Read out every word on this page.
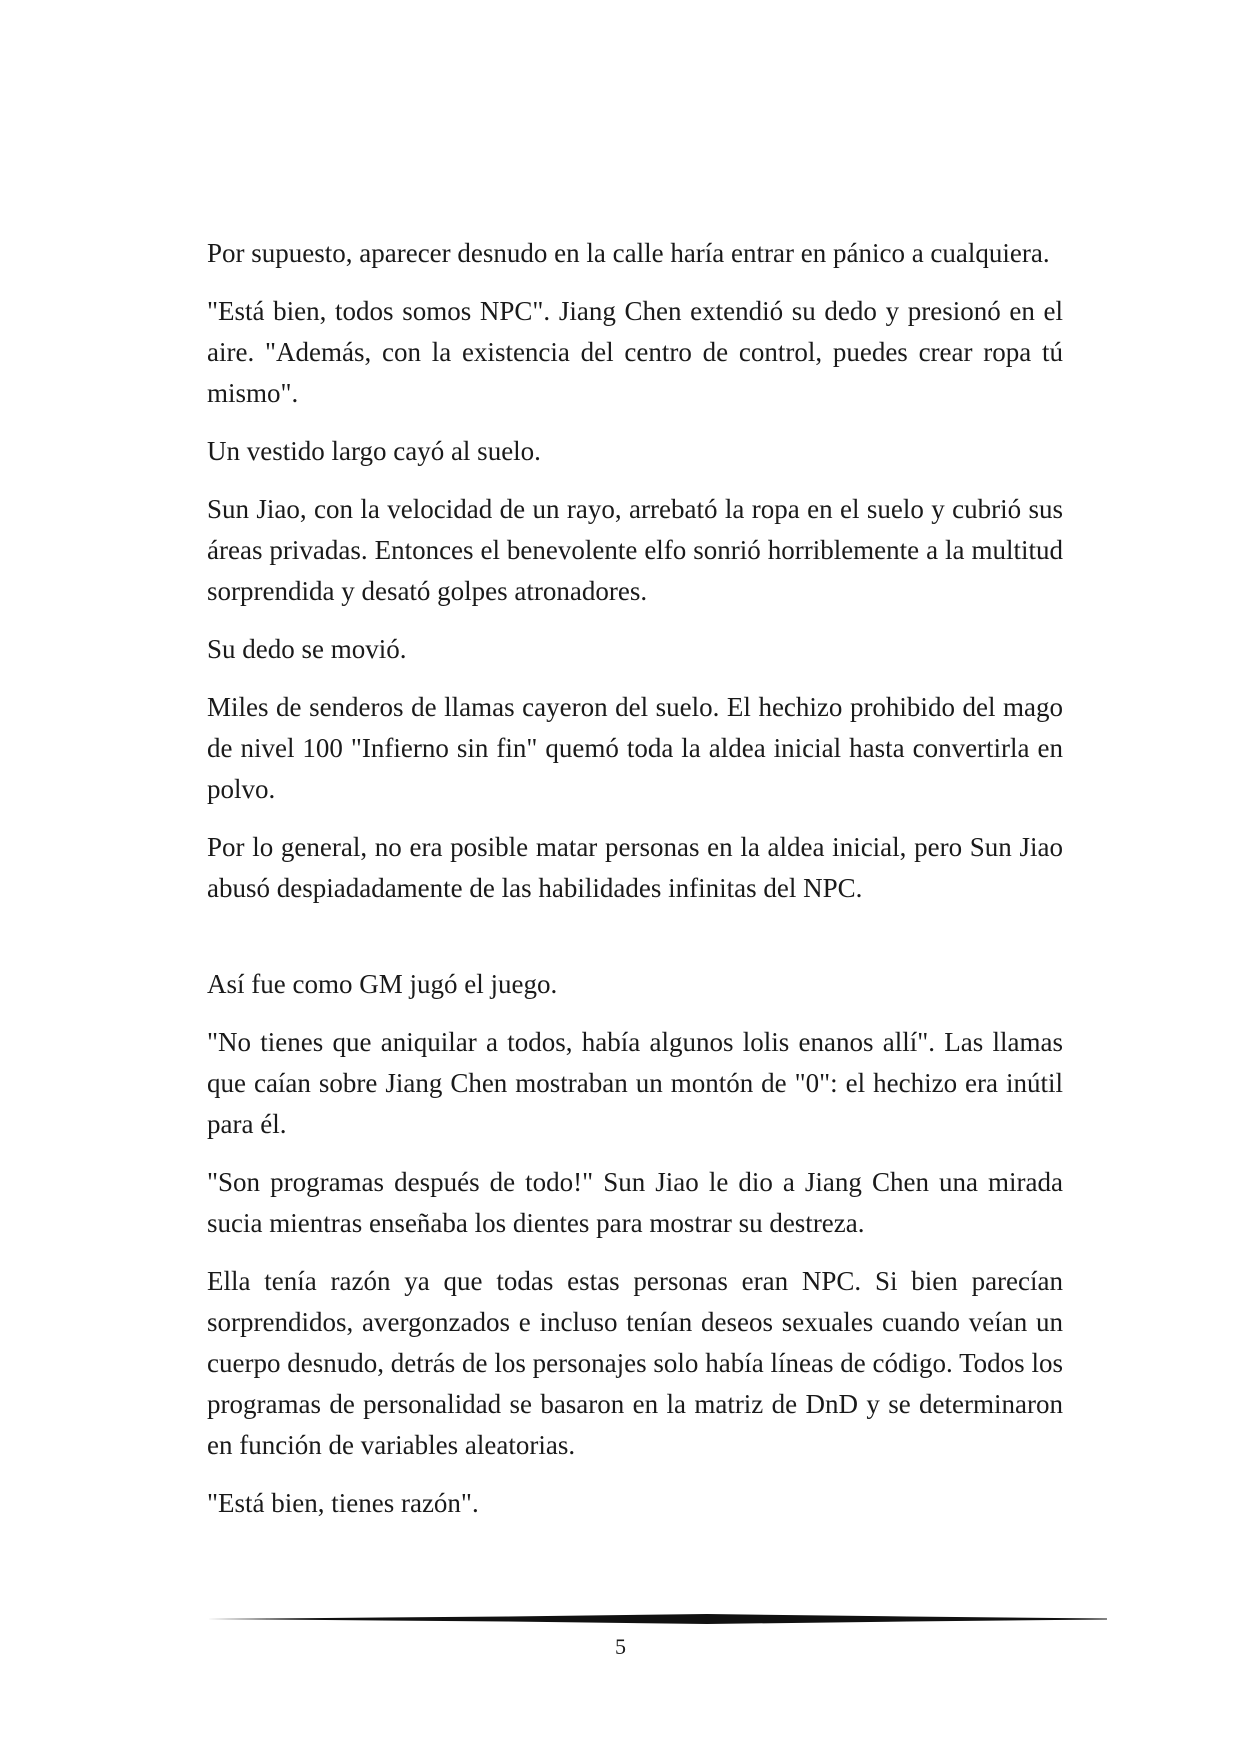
Por supuesto, aparecer desnudo en la calle haría entrar en pánico a cualquiera.

"Está bien, todos somos NPC". Jiang Chen extendió su dedo y presionó en el aire. "Además, con la existencia del centro de control, puedes crear ropa tú mismo".

Un vestido largo cayó al suelo.

Sun Jiao, con la velocidad de un rayo, arrebató la ropa en el suelo y cubrió sus áreas privadas. Entonces el benevolente elfo sonrió horriblemente a la multitud sorprendida y desató golpes atronadores.

Su dedo se movió.

Miles de senderos de llamas cayeron del suelo. El hechizo prohibido del mago de nivel 100 "Infierno sin fin" quemó toda la aldea inicial hasta convertirla en polvo.

Por lo general, no era posible matar personas en la aldea inicial, pero Sun Jiao abusó despiadadamente de las habilidades infinitas del NPC.

Así fue como GM jugó el juego.

"No tienes que aniquilar a todos, había algunos lolis enanos allí". Las llamas que caían sobre Jiang Chen mostraban un montón de "0": el hechizo era inútil para él.

"Son programas después de todo!" Sun Jiao le dio a Jiang Chen una mirada sucia mientras enseñaba los dientes para mostrar su destreza.

Ella tenía razón ya que todas estas personas eran NPC. Si bien parecían sorprendidos, avergonzados e incluso tenían deseos sexuales cuando veían un cuerpo desnudo, detrás de los personajes solo había líneas de código. Todos los programas de personalidad se basaron en la matriz de DnD y se determinaron en función de variables aleatorias.

"Está bien, tienes razón".

5
